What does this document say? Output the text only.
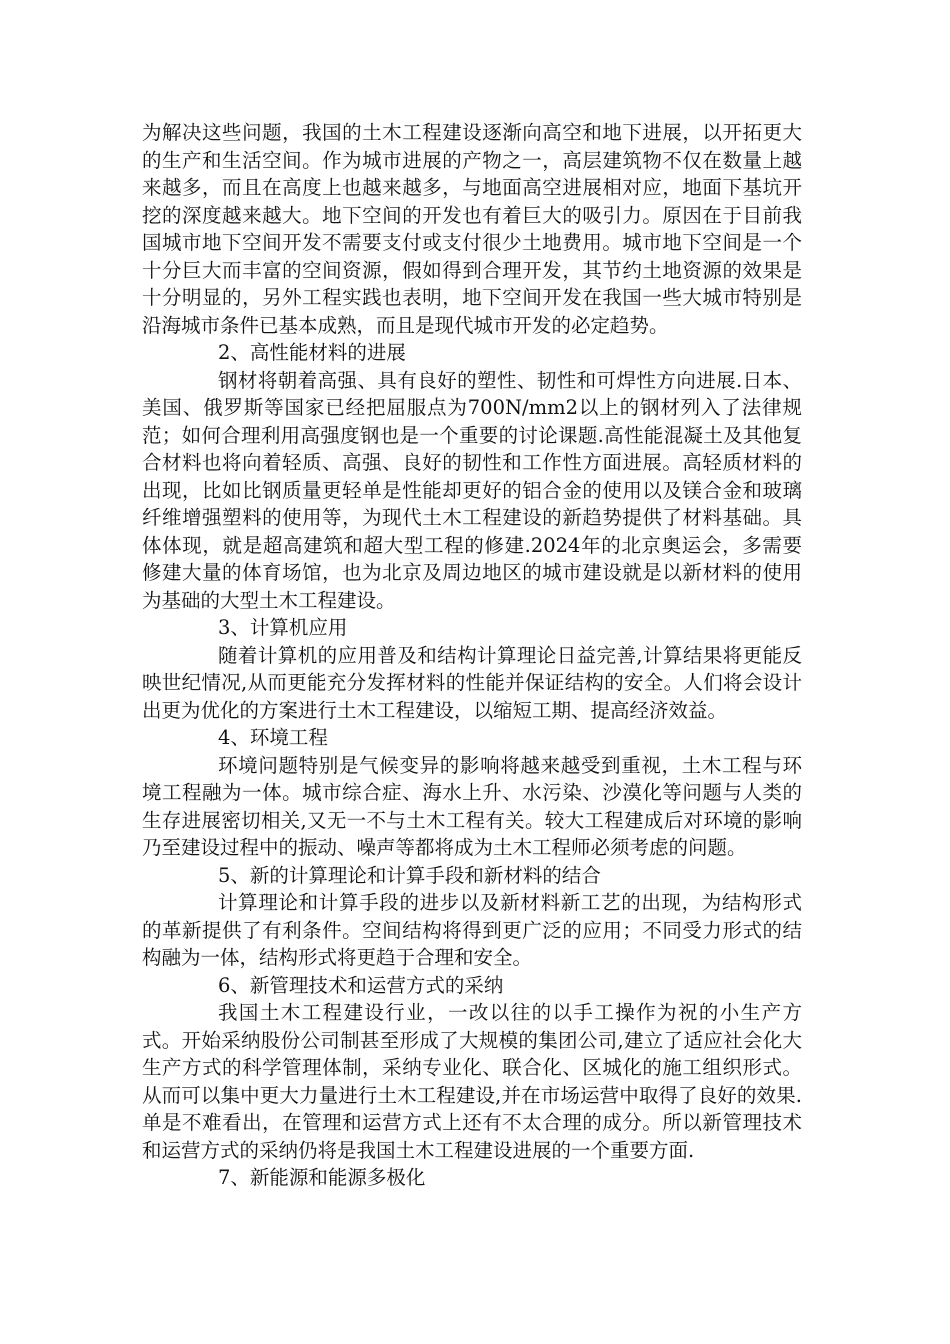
为解决这些问题，我国的土木工程建设逐渐向高空和地下进展，以开拓更大的生产和生活空间。作为城市进展的产物之一，高层建筑物不仅在数量上越来越多，而且在高度上也越来越多，与地面高空进展相对应，地面下基坑开挖的深度越来越大。地下空间的开发也有着巨大的吸引力。原因在于目前我国城市地下空间开发不需要支付或支付很少土地费用。城市地下空间是一个十分巨大而丰富的空间资源，假如得到合理开发，其节约土地资源的效果是十分明显的，另外工程实践也表明，地下空间开发在我国一些大城市特别是沿海城市条件已基本成熟，而且是现代城市开发的必定趋势。

2、高性能材料的进展

钢材将朝着高强、具有良好的塑性、韧性和可焊性方向进展.日本、美国、俄罗斯等国家已经把屈服点为700N/mm2以上的钢材列入了法律规范；如何合理利用高强度钢也是一个重要的讨论课题.高性能混凝土及其他复合材料也将向着轻质、高强、良好的韧性和工作性方面进展。高轻质材料的出现，比如比钢质量更轻单是性能却更好的铝合金的使用以及镁合金和玻璃纤维增强塑料的使用等，为现代土木工程建设的新趋势提供了材料基础。具体体现，就是超高建筑和超大型工程的修建.2024年的北京奥运会，多需要修建大量的体育场馆，也为北京及周边地区的城市建设就是以新材料的使用为基础的大型土木工程建设。

3、计算机应用

随着计算机的应用普及和结构计算理论日益完善,计算结果将更能反映世纪情况,从而更能充分发挥材料的性能并保证结构的安全。人们将会设计出更为优化的方案进行土木工程建设，以缩短工期、提高经济效益。

4、环境工程

环境问题特别是气候变异的影响将越来越受到重视，土木工程与环境工程融为一体。城市综合症、海水上升、水污染、沙漠化等问题与人类的生存进展密切相关,又无一不与土木工程有关。较大工程建成后对环境的影响乃至建设过程中的振动、噪声等都将成为土木工程师必须考虑的问题。

5、新的计算理论和计算手段和新材料的结合

计算理论和计算手段的进步以及新材料新工艺的出现，为结构形式的革新提供了有利条件。空间结构将得到更广泛的应用；不同受力形式的结构融为一体，结构形式将更趋于合理和安全。

6、新管理技术和运营方式的采纳

我国土木工程建设行业，一改以往的以手工操作为祝的小生产方式。开始采纳股份公司制甚至形成了大规模的集团公司,建立了适应社会化大生产方式的科学管理体制，采纳专业化、联合化、区城化的施工组织形式。从而可以集中更大力量进行土木工程建设,并在市场运营中取得了良好的效果.单是不难看出，在管理和运营方式上还有不太合理的成分。所以新管理技术和运营方式的采纳仍将是我国土木工程建设进展的一个重要方面.

7、新能源和能源多极化
